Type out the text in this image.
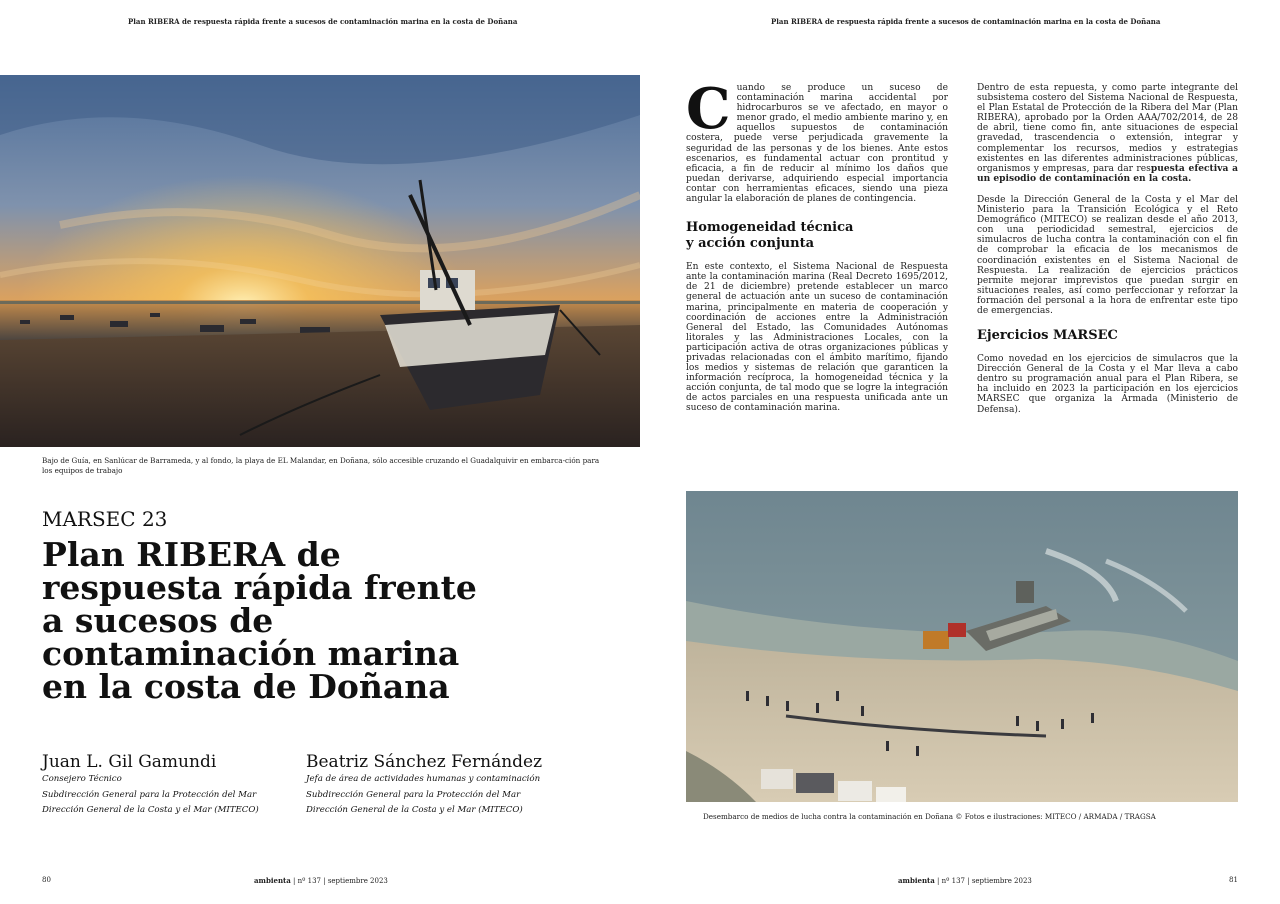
Plan RIBERA de respuesta rápida frente a sucesos de contaminación marina en la costa de Doñana	Plan RIBERA de respuesta rápida frente a sucesos de contaminación marina en la costa de Doñana
Bajo de Guía, en Sanlúcar de Barrameda, y al fondo, la playa de EL Malandar, en Doñana, sólo accesible cruzando el Guadalquivir en embarca-ción para los equipos de trabajo
MARSEC 23
Plan RIBERA de
respuesta rápida frente
a sucesos de
contaminación marina
en la costa de Doñana
Juan L. Gil Gamundi
Consejero Técnico
Subdirección General para la Protección del Mar
Dirección General de la Costa y el Mar (MITECO)
Beatriz Sánchez Fernández
Jefa de área de actividades humanas y contaminación
Subdirección General para la Protección del Mar
Dirección General de la Costa y el Mar (MITECO)

Cuando se produce un suceso de contaminación marina accidental por hidrocarburos se ve afectado, en mayor o menor grado, el medio ambiente marino y, en aquellos supuestos de contaminación costera, puede verse perjudicada gravemente la seguridad de las personas y de los bienes. Ante estos escenarios, es fundamental actuar con prontitud y eficacia, a fin de reducir al mínimo los daños que puedan derivarse, adquiriendo especial importancia contar con herramientas eficaces, siendo una pieza angular la elaboración de planes de contingencia.

Homogeneidad técnica
y acción conjunta

En este contexto, el Sistema Nacional de Respuesta ante la contaminación marina (Real Decreto 1695/2012, de 21 de diciembre) pretende establecer un marco general de actuación ante un suceso de contaminación marina, principalmente en materia de cooperación y coordinación de acciones entre la Administración General del Estado, las Comunidades Autónomas litorales y las Administraciones Locales, con la participación activa de otras organizaciones públicas y privadas relacionadas con el ámbito marítimo, fijando los medios y sistemas de relación que garanticen la información recíproca, la homogeneidad técnica y la acción conjunta, de tal modo que se logre la integración de actos parciales en una respuesta unificada ante un suceso de contaminación marina.

Dentro de esta repuesta, y como parte integrante del subsistema costero del Sistema Nacional de Respuesta, el Plan Estatal de Protección de la Ribera del Mar (Plan RIBERA), aprobado por la Orden AAA/702/2014, de 28 de abril, tiene como fin, ante situaciones de especial gravedad, trascendencia o extensión, integrar y complementar los recursos, medios y estrategias existentes en las diferentes administraciones públicas, organismos y empresas, para dar respuesta efectiva a un episodio de contaminación en la costa.

Desde la Dirección General de la Costa y el Mar del Ministerio para la Transición Ecológica y el Reto Demográfico (MITECO) se realizan desde el año 2013, con una periodicidad semestral, ejercicios de simulacros de lucha contra la contaminación con el fin de comprobar la eficacia de los mecanismos de coordinación existentes en el Sistema Nacional de Respuesta. La realización de ejercicios prácticos permite mejorar imprevistos que puedan surgir en situaciones reales, así como perfeccionar y reforzar la formación del personal a la hora de enfrentar este tipo de emergencias.

Ejercicios MARSEC

Como novedad en los ejercicios de simulacros que la Dirección General de la Costa y el Mar lleva a cabo dentro su programación anual para el Plan Ribera, se ha incluido en 2023 la participación en los ejercicios MARSEC que organiza la Armada (Ministerio de Defensa).

Desembarco de medios de lucha contra la contaminación en Doñana © Fotos e ilustraciones: MITECO / ARMADA / TRAGSA
80	ambienta | nº 137 | septiembre 2023	ambienta | nº 137 | septiembre 2023	81
